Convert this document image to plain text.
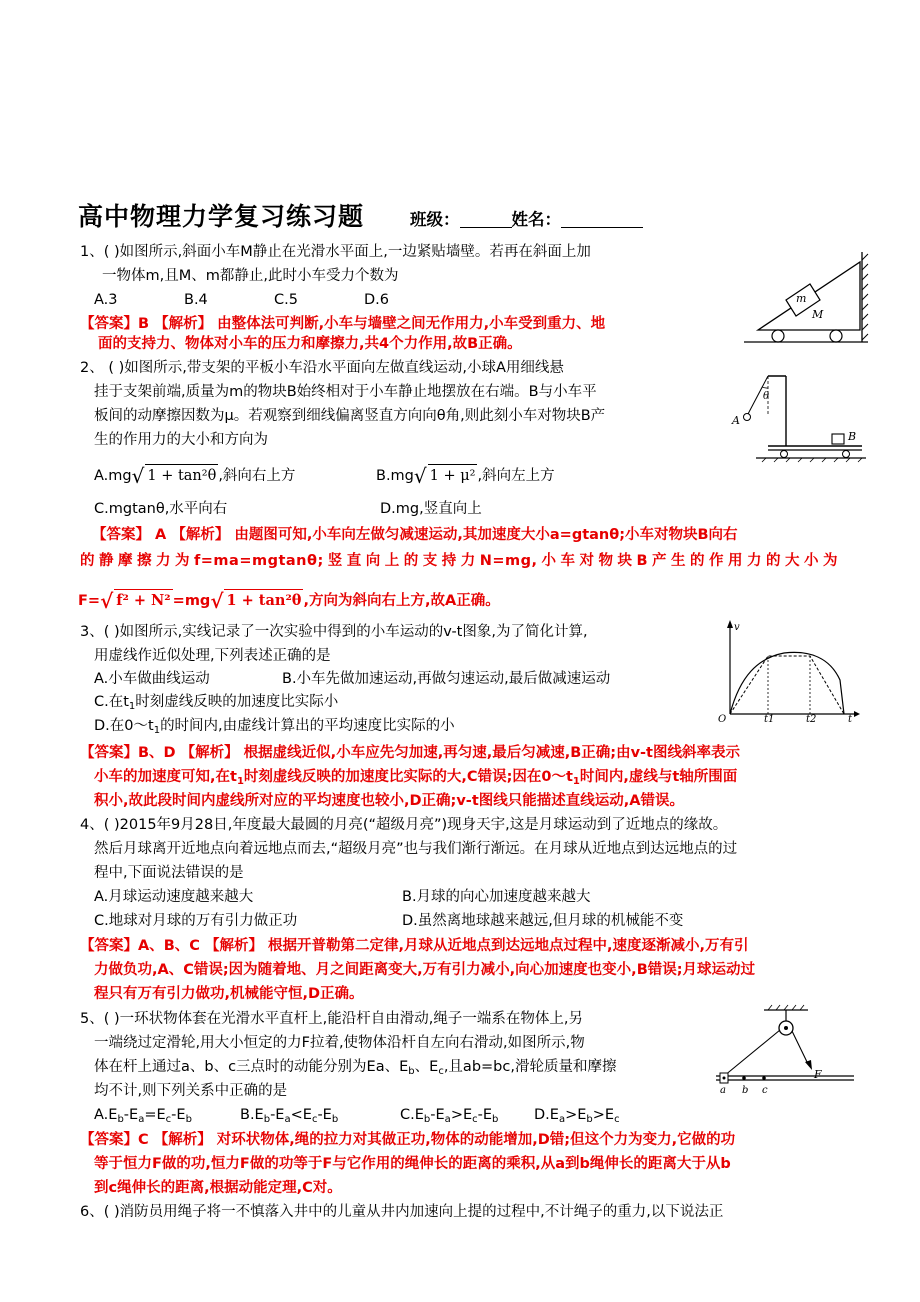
高中物理力学复习练习题	班级：	姓名：
1、( )如图所示,斜面小车M静止在光滑水平面上,一边紧贴墙壁。若再在斜面上加
一物体m,且M、m都静止,此时小车受力个数为
A.3	B.4	C.5	D.6
【答案】B 【解析】 由整体法可判断,小车与墙壁之间无作用力,小车受到重力、地
面的支持力、物体对小车的压力和摩擦力,共4个力作用,故B正确。
m
M
2、 ( )如图所示,带支架的平板小车沿水平面向左做直线运动,小球A用细线悬
挂于支架前端,质量为m的物块B始终相对于小车静止地摆放在右端。B与小车平
板间的动摩擦因数为μ。若观察到细线偏离竖直方向向θ角,则此刻小车对物块B产
生的作用力的大小和方向为
A.mg√ 1 + tan²θ ,斜向右上方	B.mg√ 1 + μ² ,斜向左上方
C.mgtanθ,水平向右	D.mg,竖直向上
【答案】 A 【解析】 由题图可知,小车向左做匀减速运动,其加速度大小a=gtanθ;小车对物块B向右
的静摩擦力为f=ma=mgtanθ;竖直向上的支持力N=mg,小车对物块B产生的作用力的大小为
F=√ f² + N² =mg√ 1 + tan²θ ,方向为斜向右上方,故A正确。
θ
A
B
3、( )如图所示,实线记录了一次实验中得到的小车运动的v-t图象,为了简化计算,
用虚线作近似处理,下列表述正确的是
A.小车做曲线运动	B.小车先做加速运动,再做匀速运动,最后做减速运动
C.在$t_1$时刻虚线反映的加速度比实际小
D.在$0\sim t_1$的时间内,由虚线计算出的平均速度比实际的小
【答案】B、D 【解析】 根据虚线近似,小车应先匀加速,再匀速,最后匀减速,B正确;由v-t图线斜率表示
小车的加速度可知,在$t_1$时刻虚线反映的加速度比实际的大,C错误;因在$0\sim t_1$时间内,虚线与t轴所围面
积小,故此段时间内虚线所对应的平均速度也较小,D正确;v-t图线只能描述直线运动,A错误。
v
O	t1	t2	t
4、( )2015年9月28日,年度最大最圆的月亮(“超级月亮”)现身天宇,这是月球运动到了近地点的缘故。
然后月球离开近地点向着远地点而去,“超级月亮”也与我们渐行渐远。在月球从近地点到达远地点的过
程中,下面说法错误的是
A.月球运动速度越来越大	B.月球的向心加速度越来越大
C.地球对月球的万有引力做正功	D.虽然离地球越来越远,但月球的机械能不变
【答案】A、B、C 【解析】 根据开普勒第二定律,月球从近地点到达远地点过程中,速度逐渐减小,万有引
力做负功,A、C错误;因为随着地、月之间距离变大,万有引力减小,向心加速度也变小,B错误;月球运动过
程只有万有引力做功,机械能守恒,D正确。
5、( )一环状物体套在光滑水平直杆上,能沿杆自由滑动,绳子一端系在物体上,另
一端绕过定滑轮,用大小恒定的力F拉着,使物体沿杆自左向右滑动,如图所示,物
体在杆上通过a、b、c三点时的动能分别为Ea、$E_b$、$E_c$,且ab=bc,滑轮质量和摩擦
均不计,则下列关系中正确的是
$A.E_b-E_a=E_c-E_b$	$B.E_b-E_a<E_c-E_b$	$C.E_b-E_a>E_c-E_b$ $D.E_a>E_b>E_c$
【答案】C 【解析】 对环状物体,绳的拉力对其做正功,物体的动能增加,D错;但这个力为变力,它做的功
等于恒力F做的功,恒力F做的功等于F与它作用的绳伸长的距离的乘积,从a到b绳伸长的距离大于从b
到c绳伸长的距离,根据动能定理,C对。
F
a b c
6、( )消防员用绳子将一不慎落入井中的儿童从井内加速向上提的过程中,不计绳子的重力,以下说法正
